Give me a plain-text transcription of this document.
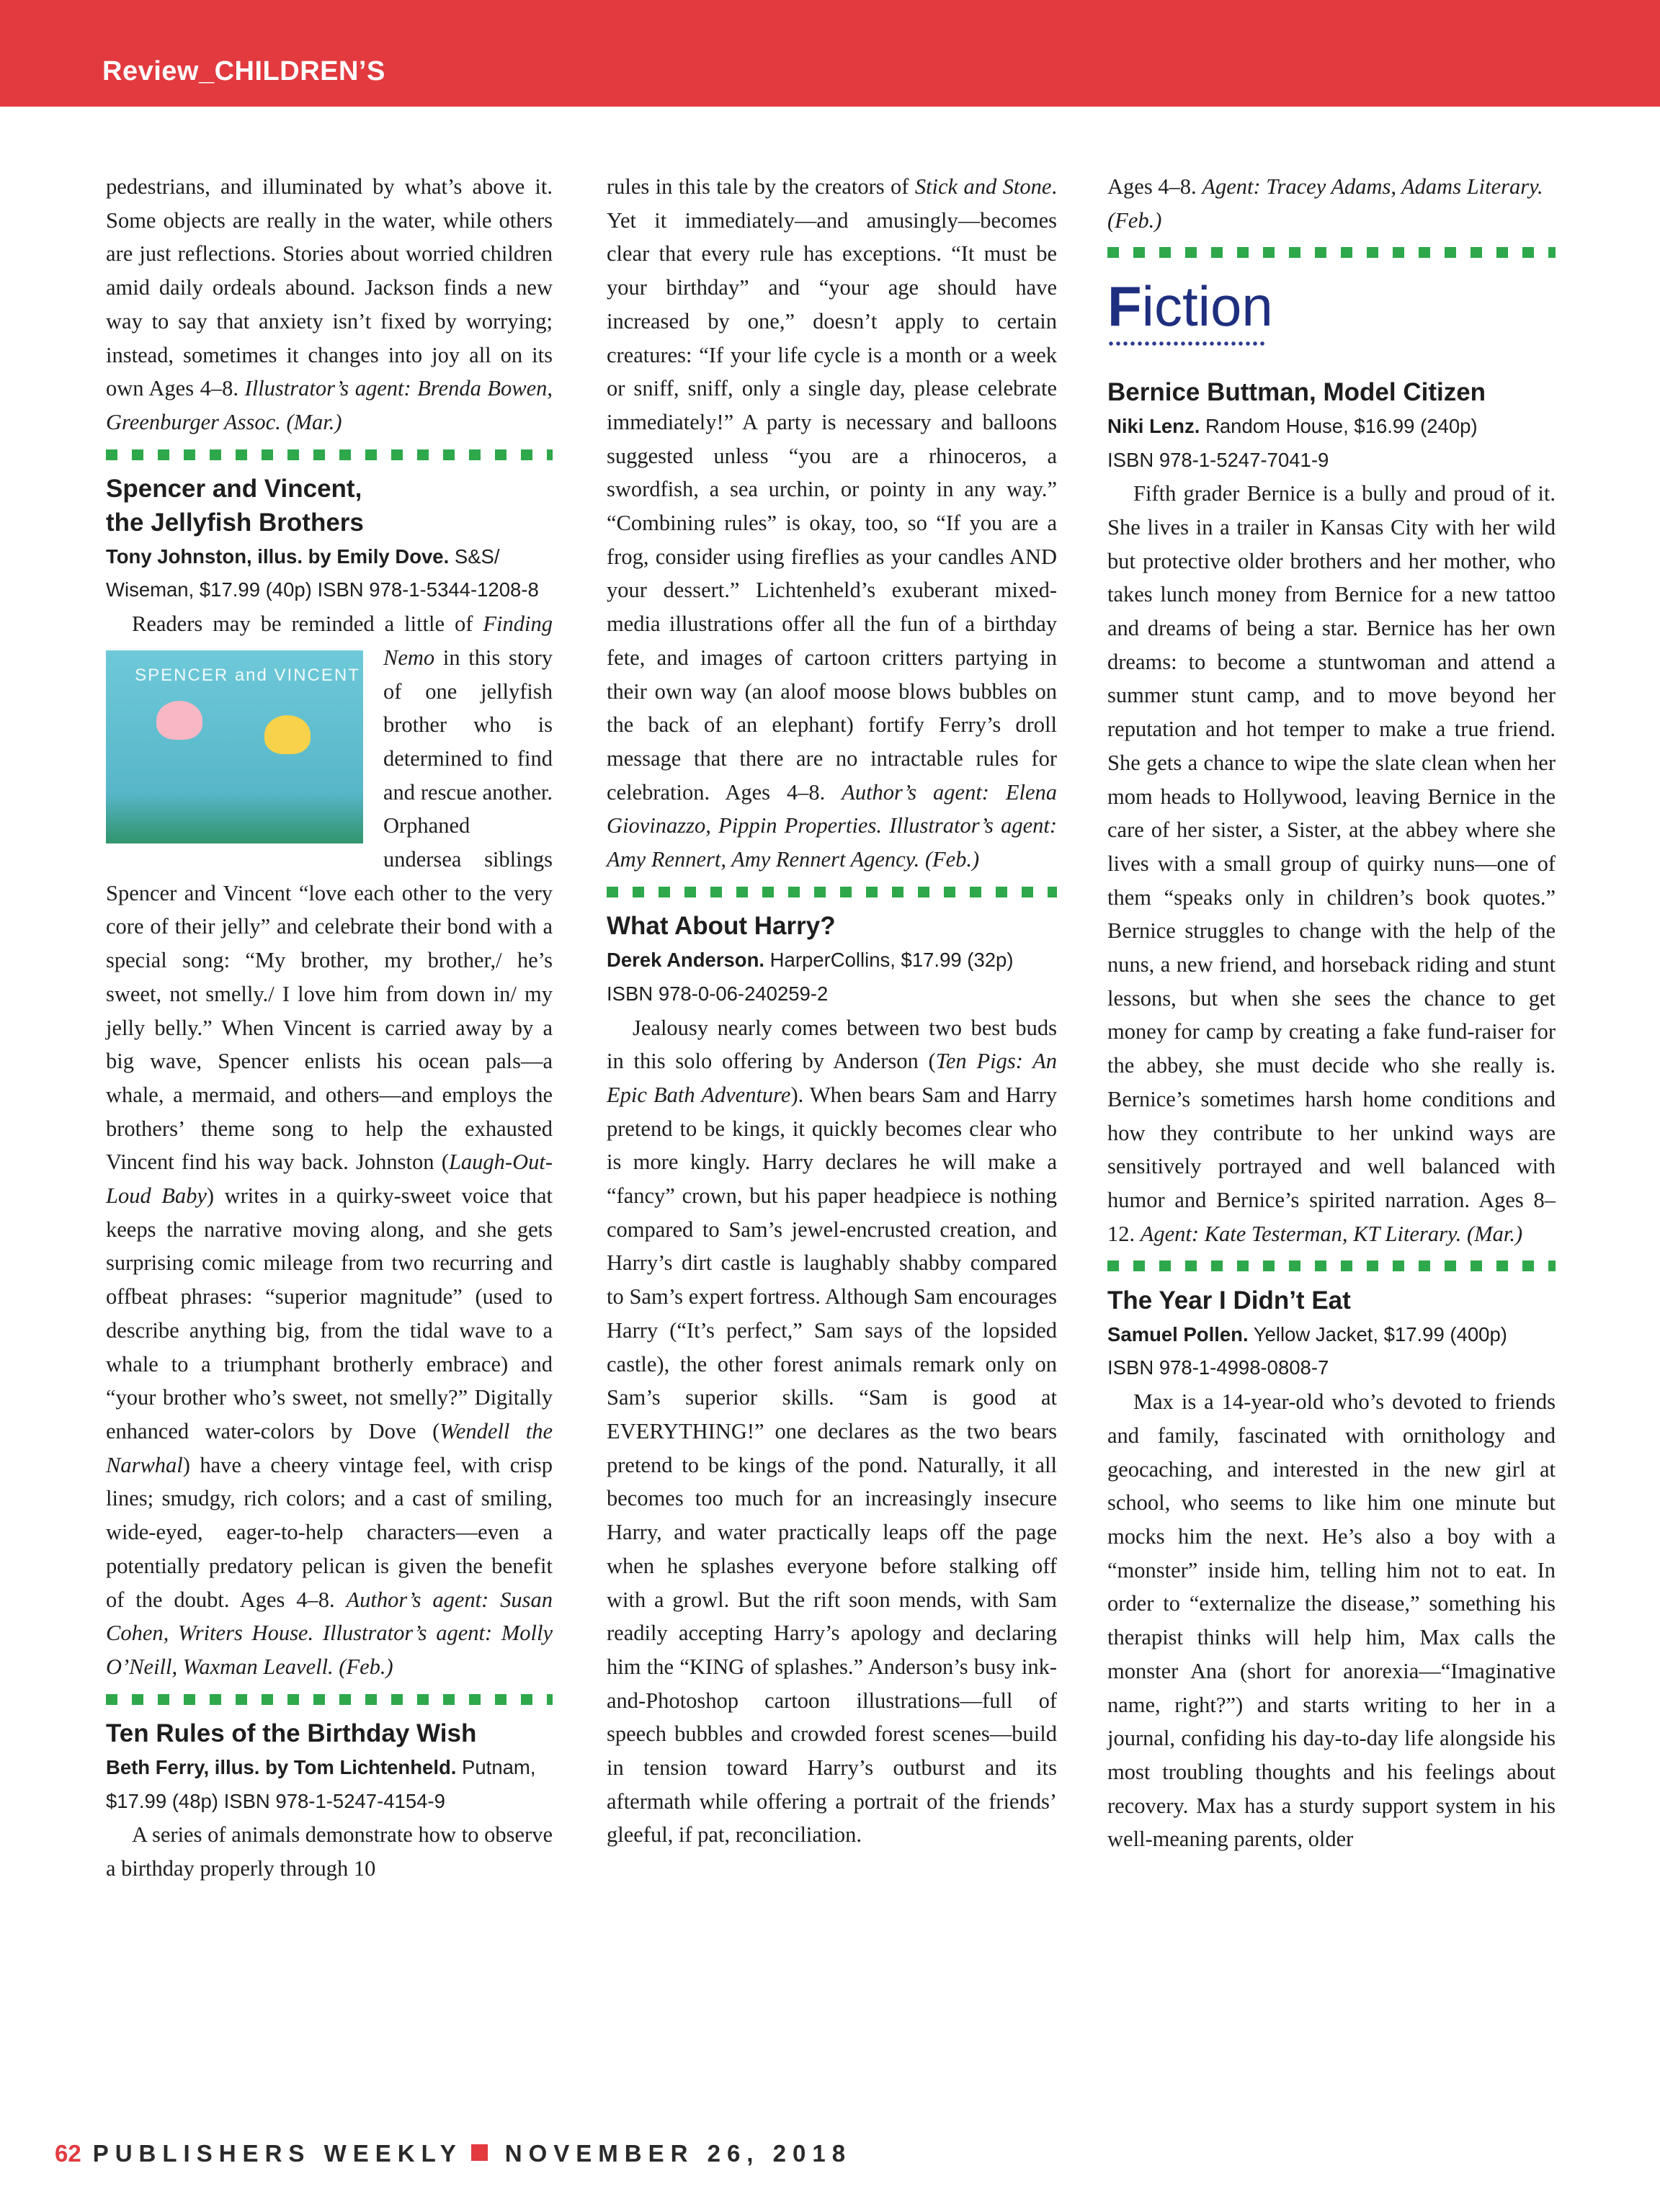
Review_CHILDREN’S

pedestrians, and illuminated by what’s above it. Some objects are really in the water, while others are just reflections. Stories about worried children amid daily ordeals abound. Jackson finds a new way to say that anxiety isn’t fixed by worrying; instead, sometimes it changes into joy all on its own Ages 4–8. Illustrator’s agent: Brenda Bowen, Greenburger Assoc. (Mar.)

Spencer and Vincent,
the Jellyfish Brothers

Tony Johnston, illus. by Emily Dove. S&S/ Wiseman, $17.99 (40p) ISBN 978-1-5344-1208-8

Readers may be reminded a little of Finding Nemo
SPENCER and VINCENT
in this story of one jellyfish brother who is determined to find and rescue another. Orphaned undersea siblings Spencer and Vincent “love each other to the very core of their jelly” and celebrate their bond with a special song: “My brother, my brother,/ he’s sweet, not smelly./ I love him from down in/ my jelly belly.” When Vincent is carried away by a big wave, Spencer enlists his ocean pals—a whale, a mermaid, and others—and employs the brothers’ theme song to help the exhausted Vincent find his way back. Johnston (Laugh-Out-Loud Baby) writes in a quirky-sweet voice that keeps the narrative moving along, and she gets surprising comic mileage from two recurring and offbeat phrases: “superior magnitude” (used to describe anything big, from the tidal wave to a whale to a triumphant brotherly embrace) and “your brother who’s sweet, not smelly?” Digitally enhanced water-colors by Dove (Wendell the Narwhal) have a cheery vintage feel, with crisp lines; smudgy, rich colors; and a cast of smiling, wide-eyed, eager-to-help characters—even a potentially predatory pelican is given the benefit of the doubt. Ages 4–8. Author’s agent: Susan Cohen, Writers House. Illustrator’s agent: Molly O’Neill, Waxman Leavell. (Feb.)

Ten Rules of the Birthday Wish

Beth Ferry, illus. by Tom Lichtenheld. Putnam, $17.99 (48p) ISBN 978-1-5247-4154-9

A series of animals demonstrate how to observe a birthday properly through 10

rules in this tale by the creators of Stick and Stone. Yet it immediately—and amusingly—becomes clear that every rule has exceptions. “It must be your birthday” and “your age should have increased by one,” doesn’t apply to certain creatures: “If your life cycle is a month or a week or sniff, sniff, only a single day, please celebrate immediately!” A party is necessary and balloons suggested unless “you are a rhinoceros, a swordfish, a sea urchin, or pointy in any way.” “Combining rules” is okay, too, so “If you are a frog, consider using fireflies as your candles AND your dessert.” Lichtenheld’s exuberant mixed-media illustrations offer all the fun of a birthday fete, and images of cartoon critters partying in their own way (an aloof moose blows bubbles on the back of an elephant) fortify Ferry’s droll message that there are no intractable rules for celebration. Ages 4–8. Author’s agent: Elena Giovinazzo, Pippin Properties. Illustrator’s agent: Amy Rennert, Amy Rennert Agency. (Feb.)

What About Harry?

Derek Anderson. HarperCollins, $17.99 (32p)

ISBN 978-0-06-240259-2

Jealousy nearly comes between two best buds in this solo offering by Anderson (Ten Pigs: An Epic Bath Adventure). When bears Sam and Harry pretend to be kings, it quickly becomes clear who is more kingly. Harry declares he will make a “fancy” crown, but his paper headpiece is nothing compared to Sam’s jewel-encrusted creation, and Harry’s dirt castle is laughably shabby compared to Sam’s expert fortress. Although Sam encourages Harry (“It’s perfect,” Sam says of the lopsided castle), the other forest animals remark only on Sam’s superior skills. “Sam is good at EVERYTHING!” one declares as the two bears pretend to be kings of the pond. Naturally, it all becomes too much for an increasingly insecure Harry, and water practically leaps off the page when he splashes everyone before stalking off with a growl. But the rift soon mends, with Sam readily accepting Harry’s apology and declaring him the “KING of splashes.” Anderson’s busy ink-and-Photoshop cartoon illustrations—full of speech bubbles and crowded forest scenes—build in tension toward Harry’s outburst and its aftermath while offering a portrait of the friends’ gleeful, if pat, reconciliation.

Ages 4–8. Agent: Tracey Adams, Adams Literary. (Feb.)

Fiction

Bernice Buttman, Model Citizen

Niki Lenz. Random House, $16.99 (240p)

ISBN 978-1-5247-7041-9

Fifth grader Bernice is a bully and proud of it. She lives in a trailer in Kansas City with her wild but protective older brothers and her mother, who takes lunch money from Bernice for a new tattoo and dreams of being a star. Bernice has her own dreams: to become a stuntwoman and attend a summer stunt camp, and to move beyond her reputation and hot temper to make a true friend. She gets a chance to wipe the slate clean when her mom heads to Hollywood, leaving Bernice in the care of her sister, a Sister, at the abbey where she lives with a small group of quirky nuns—one of them “speaks only in children’s book quotes.” Bernice struggles to change with the help of the nuns, a new friend, and horseback riding and stunt lessons, but when she sees the chance to get money for camp by creating a fake fund-raiser for the abbey, she must decide who she really is. Bernice’s sometimes harsh home conditions and how they contribute to her unkind ways are sensitively portrayed and well balanced with humor and Bernice’s spirited narration. Ages 8–12. Agent: Kate Testerman, KT Literary. (Mar.)

The Year I Didn’t Eat

Samuel Pollen. Yellow Jacket, $17.99 (400p)

ISBN 978-1-4998-0808-7

Max is a 14-year-old who’s devoted to friends and family, fascinated with ornithology and geocaching, and interested in the new girl at school, who seems to like him one minute but mocks him the next. He’s also a boy with a “monster” inside him, telling him not to eat. In order to “externalize the disease,” something his therapist thinks will help him, Max calls the monster Ana (short for anorexia—“Imaginative name, right?”) and starts writing to her in a journal, confiding his day-to-day life alongside his most troubling thoughts and his feelings about recovery. Max has a sturdy support system in his well-meaning parents, older

62 PUBLISHERS WEEKLY NOVEMBER 26, 2018
